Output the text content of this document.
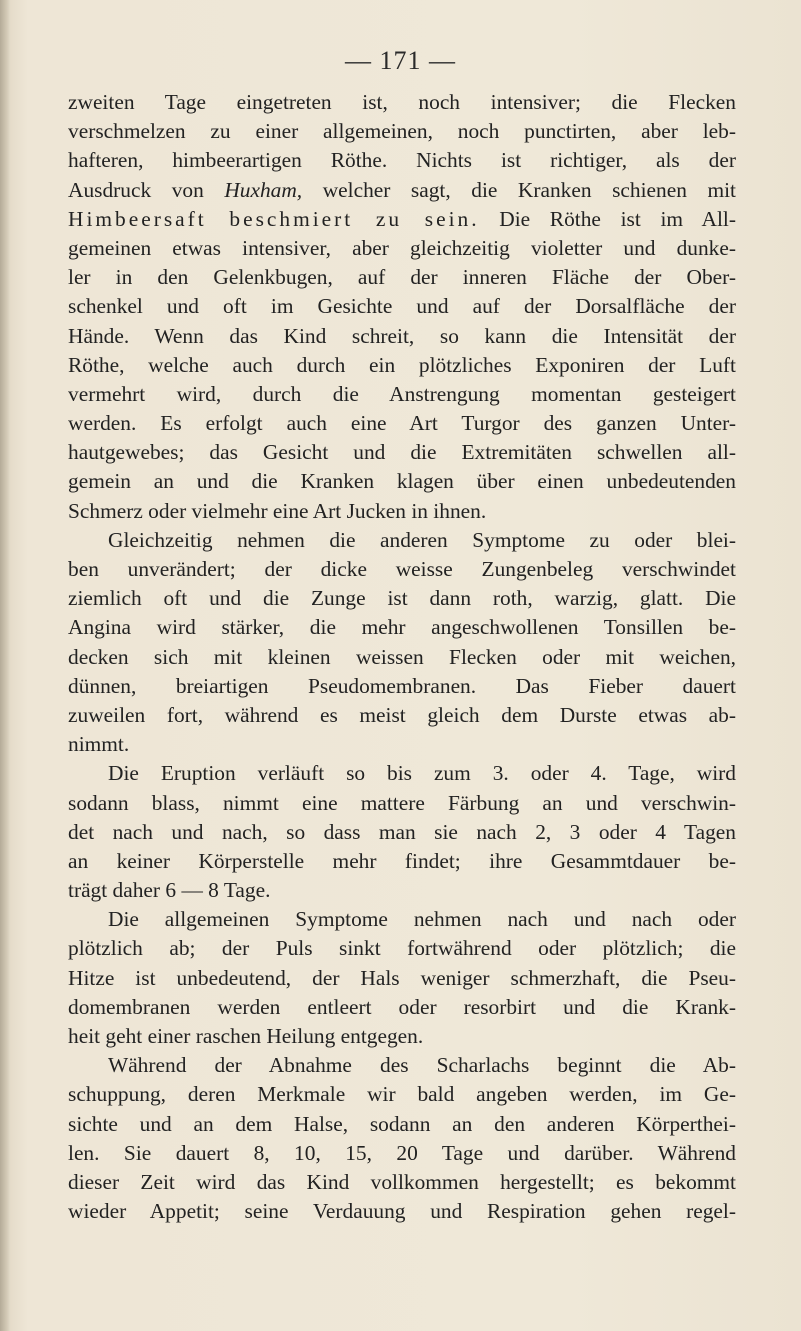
— 171 —
zweiten Tage eingetreten ist, noch intensiver; die Flecken
verschmelzen zu einer allgemeinen, noch punctirten, aber leb-
hafteren, himbeerartigen Röthe. Nichts ist richtiger, als der
Ausdruck von Huxham, welcher sagt, die Kranken schienen mit
Himbeersaft beschmiert zu sein. Die Röthe ist im All-
gemeinen etwas intensiver, aber gleichzeitig violetter und dunke-
ler in den Gelenkbugen, auf der inneren Fläche der Ober-
schenkel und oft im Gesichte und auf der Dorsalfläche der
Hände. Wenn das Kind schreit, so kann die Intensität der
Röthe, welche auch durch ein plötzliches Exponiren der Luft
vermehrt wird, durch die Anstrengung momentan gesteigert
werden. Es erfolgt auch eine Art Turgor des ganzen Unter-
hautgewebes; das Gesicht und die Extremitäten schwellen all-
gemein an und die Kranken klagen über einen unbedeutenden
Schmerz oder vielmehr eine Art Jucken in ihnen.
Gleichzeitig nehmen die anderen Symptome zu oder blei-
ben unverändert; der dicke weisse Zungenbeleg verschwindet
ziemlich oft und die Zunge ist dann roth, warzig, glatt. Die
Angina wird stärker, die mehr angeschwollenen Tonsillen be-
decken sich mit kleinen weissen Flecken oder mit weichen,
dünnen, breiartigen Pseudomembranen. Das Fieber dauert
zuweilen fort, während es meist gleich dem Durste etwas ab-
nimmt.
Die Eruption verläuft so bis zum 3. oder 4. Tage, wird
sodann blass, nimmt eine mattere Färbung an und verschwin-
det nach und nach, so dass man sie nach 2, 3 oder 4 Tagen
an keiner Körperstelle mehr findet; ihre Gesammtdauer be-
trägt daher 6 — 8 Tage.
Die allgemeinen Symptome nehmen nach und nach oder
plötzlich ab; der Puls sinkt fortwährend oder plötzlich; die
Hitze ist unbedeutend, der Hals weniger schmerzhaft, die Pseu-
domembranen werden entleert oder resorbirt und die Krank-
heit geht einer raschen Heilung entgegen.
Während der Abnahme des Scharlachs beginnt die Ab-
schuppung, deren Merkmale wir bald angeben werden, im Ge-
sichte und an dem Halse, sodann an den anderen Körperthei-
len. Sie dauert 8, 10, 15, 20 Tage und darüber. Während
dieser Zeit wird das Kind vollkommen hergestellt; es bekommt
wieder Appetit; seine Verdauung und Respiration gehen regel-
